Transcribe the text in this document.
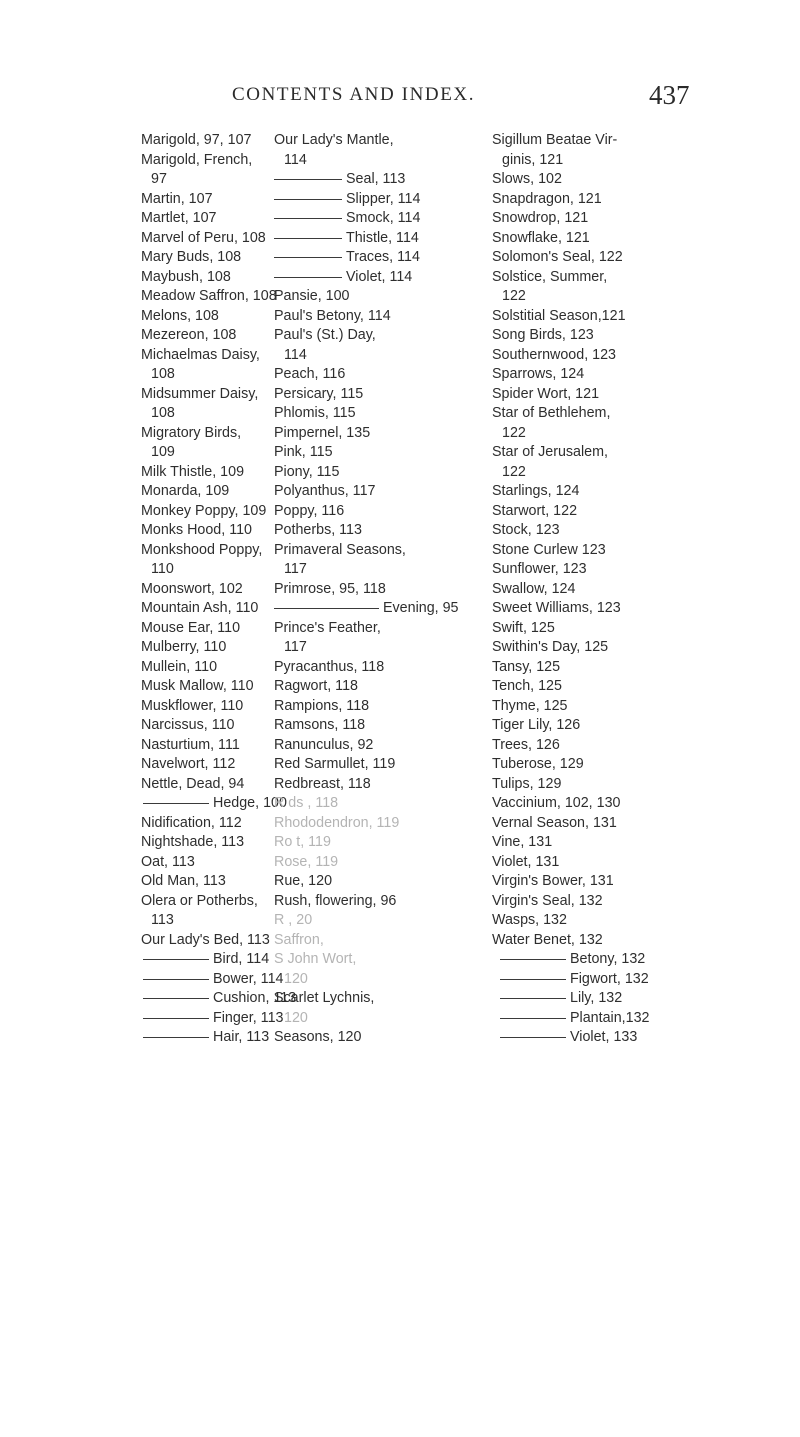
CONTENTS AND INDEX.	437
Marigold, 97, 107
Marigold, French,
97
Martin, 107
Martlet, 107
Marvel of Peru, 108
Mary Buds, 108
Maybush, 108
Meadow Saffron, 108
Melons, 108
Mezereon, 108
Michaelmas Daisy,
108
Midsummer Daisy,
108
Migratory Birds,
109
Milk Thistle, 109
Monarda, 109
Monkey Poppy, 109
Monks Hood, 110
Monkshood Poppy,
110
Moonswort, 102
Mountain Ash, 110
Mouse Ear, 110
Mulberry, 110
Mullein, 110
Musk Mallow, 110
Muskflower, 110
Narcissus, 110
Nasturtium, 111
Navelwort, 112
Nettle, Dead, 94
Hedge, 100
Nidification, 112
Nightshade, 113
Oat, 113
Old Man, 113
Olera or Potherbs,
113
Our Lady's Bed, 113
Bird, 114
Bower, 114
Cushion, 113
Finger, 113
Hair, 113
Our Lady's Mantle,
114
Seal, 113
Slipper, 114
Smock, 114
Thistle, 114
Traces, 114
Violet, 114
Pansie, 100
Paul's Betony, 114
Paul's (St.) Day,
114
Peach, 116
Persicary, 115
Phlomis, 115
Pimpernel, 135
Pink, 115
Piony, 115
Polyanthus, 117
Poppy, 116
Potherbs, 113
Primaveral Seasons,
117
Primrose, 95, 118
Evening, 95
Prince's Feather,
117
Pyracanthus, 118
Ragwort, 118
Rampions, 118
Ramsons, 118
Ranunculus, 92
Red Sarmullet, 119
Redbreast, 118
R ds , 118
Rhododendron, 119
Ro t, 119
Rose, 119
Rue, 120
Rush, flowering, 96
R , 20
Saffron,
S John Wort,
120
Scarlet Lychnis,
120
Seasons, 120
Sigillum Beatae Vir-
ginis, 121
Slows, 102
Snapdragon, 121
Snowdrop, 121
Snowflake, 121
Solomon's Seal, 122
Solstice, Summer,
122
Solstitial Season,121
Song Birds, 123
Southernwood, 123
Sparrows, 124
Spider Wort, 121
Star of Bethlehem,
122
Star of Jerusalem,
122
Starlings, 124
Starwort, 122
Stock, 123
Stone Curlew 123
Sunflower, 123
Swallow, 124
Sweet Williams, 123
Swift, 125
Swithin's Day, 125
Tansy, 125
Tench, 125
Thyme, 125
Tiger Lily, 126
Trees, 126
Tuberose, 129
Tulips, 129
Vaccinium, 102, 130
Vernal Season, 131
Vine, 131
Violet, 131
Virgin's Bower, 131
Virgin's Seal, 132
Wasps, 132
Water Benet, 132
Betony, 132
Figwort, 132
Lily, 132
Plantain,132
Violet, 133
